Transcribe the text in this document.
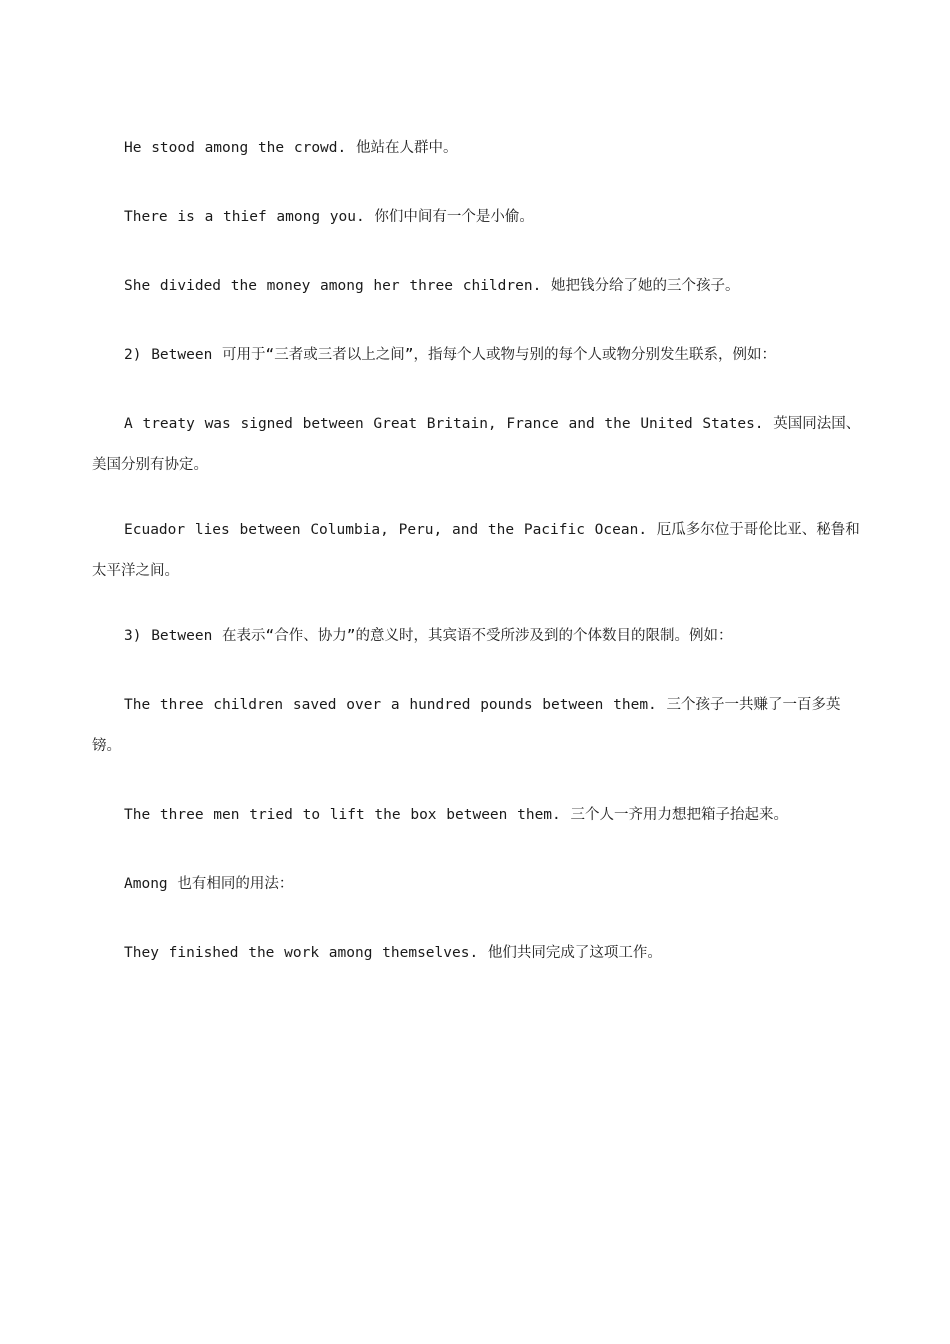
He stood among the crowd. 他站在人群中。

There is a thief among you. 你们中间有一个是小偷。

She divided the money among her three children. 她把钱分给了她的三个孩子。

2) Between 可用于“三者或三者以上之间”，指每个人或物与别的每个人或物分别发生联系，例如：

A treaty was signed between Great Britain, France and the United States. 英国同法国、美国分别有协定。

Ecuador lies between Columbia, Peru, and the Pacific Ocean. 厄瓜多尔位于哥伦比亚、秘鲁和太平洋之间。

3) Between 在表示“合作、协力”的意义时，其宾语不受所涉及到的个体数目的限制。例如：

The three children saved over a hundred pounds between them. 三个孩子一共赚了一百多英镑。

The three men tried to lift the box between them. 三个人一齐用力想把箱子抬起来。

Among 也有相同的用法：

They finished the work among themselves. 他们共同完成了这项工作。
